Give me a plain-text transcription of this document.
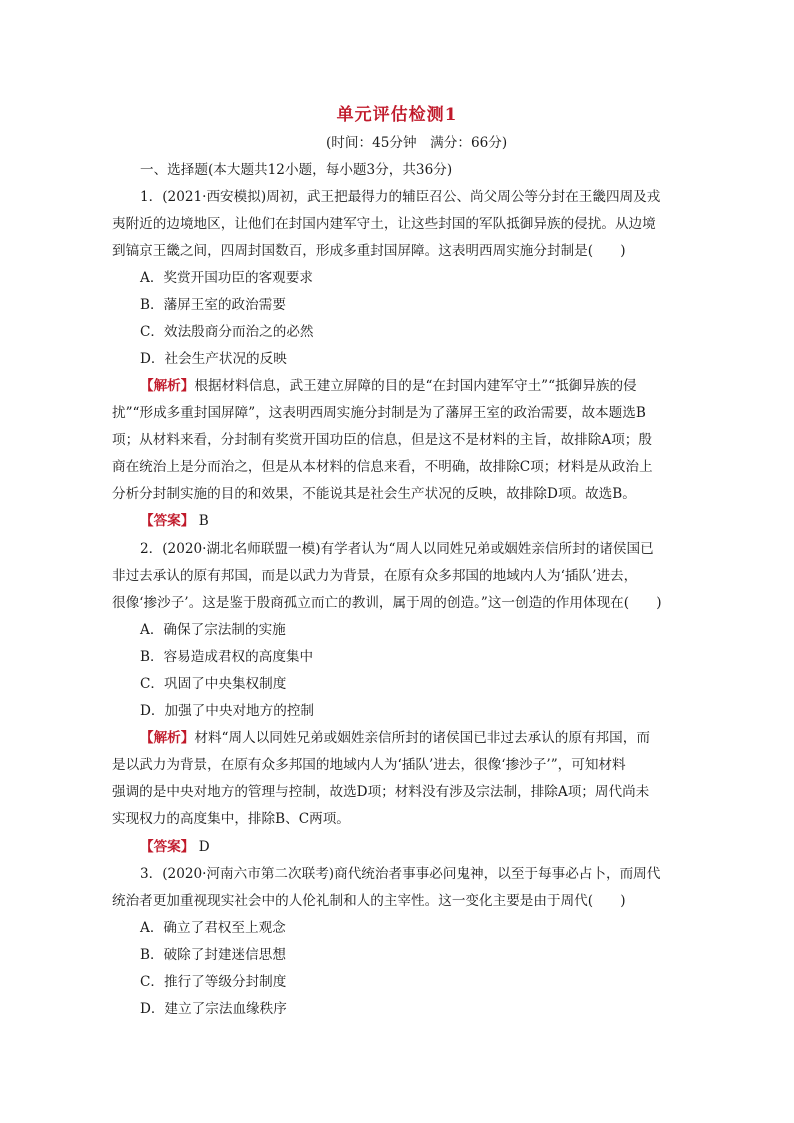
单元评估检测1
(时间：45分钟　满分：66分)
一、选择题(本大题共12小题，每小题3分，共36分)
1．(2021·西安模拟)周初，武王把最得力的辅臣召公、尚父周公等分封在王畿四周及戎
夷附近的边境地区，让他们在封国内建军守土，让这些封国的军队抵御异族的侵扰。从边境
到镐京王畿之间，四周封国数百，形成多重封国屏障。这表明西周实施分封制是(　　)
A．奖赏开国功臣的客观要求
B．藩屏王室的政治需要
C．效法殷商分而治之的必然
D．社会生产状况的反映
【解析】根据材料信息，武王建立屏障的目的是“在封国内建军守土”“抵御异族的侵
扰”“形成多重封国屏障”，这表明西周实施分封制是为了藩屏王室的政治需要，故本题选B
项；从材料来看，分封制有奖赏开国功臣的信息，但是这不是材料的主旨，故排除A项；殷
商在统治上是分而治之，但是从本材料的信息来看，不明确，故排除C项；材料是从政治上
分析分封制实施的目的和效果，不能说其是社会生产状况的反映，故排除D项。故选B。
【答案】 B
2．(2020·湖北名师联盟一模)有学者认为“周人以同姓兄弟或姻姓亲信所封的诸侯国已
非过去承认的原有邦国，而是以武力为背景，在原有众多邦国的地域内人为‘插队’进去，
很像‘掺沙子’。这是鉴于殷商孤立而亡的教训，属于周的创造。”这一创造的作用体现在(　　)
A．确保了宗法制的实施
B．容易造成君权的高度集中
C．巩固了中央集权制度
D．加强了中央对地方的控制
【解析】材料“周人以同姓兄弟或姻姓亲信所封的诸侯国已非过去承认的原有邦国，而
是以武力为背景，在原有众多邦国的地域内人为‘插队’进去，很像‘掺沙子’”，可知材料
强调的是中央对地方的管理与控制，故选D项；材料没有涉及宗法制，排除A项；周代尚未
实现权力的高度集中，排除B、C两项。
【答案】 D
3．(2020·河南六市第二次联考)商代统治者事事必问鬼神，以至于每事必占卜，而周代
统治者更加重视现实社会中的人伦礼制和人的主宰性。这一变化主要是由于周代(　　)
A．确立了君权至上观念
B．破除了封建迷信思想
C．推行了等级分封制度
D．建立了宗法血缘秩序
